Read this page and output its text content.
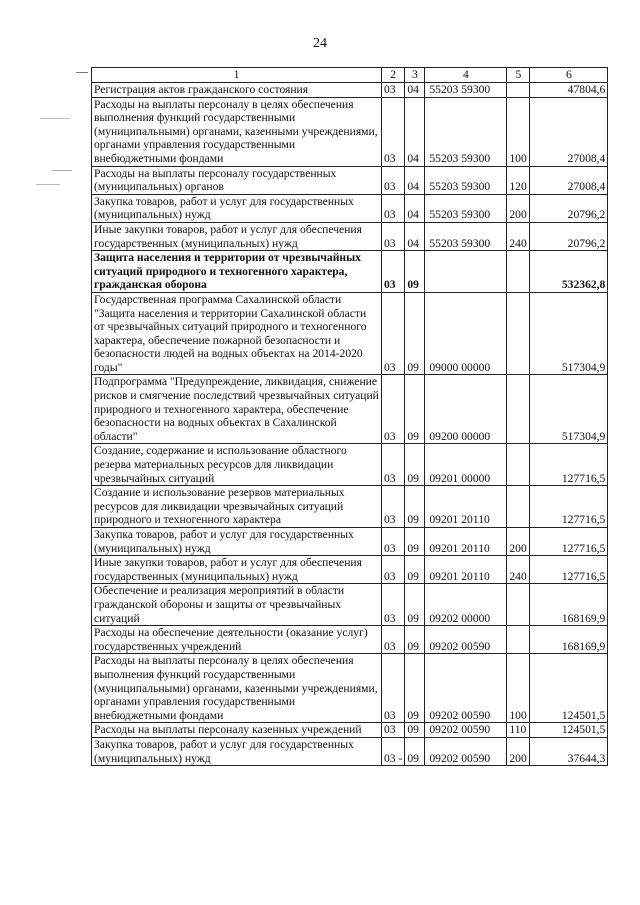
24
1	2	3	4	5	6
Регистрация актов гражданского состояния	03	04	55203 59300		47804,6
Расходы на выплаты персоналу в целях обеспечения выполнения функций государственными (муниципальными) органами, казенными учреждениями, органами управления государственными внебюджетными фондами	03	04	55203 59300	100	27008,4
Расходы на выплаты персоналу государственных (муниципальных) органов	03	04	55203 59300	120	27008,4
Закупка товаров, работ и услуг для государственных (муниципальных) нужд	03	04	55203 59300	200	20796,2
Иные закупки товаров, работ и услуг для обеспечения государственных (муниципальных) нужд	03	04	55203 59300	240	20796,2
Защита населения и территории от чрезвычайных ситуаций природного и техногенного характера, гражданская оборона	03	09			532362,8
Государственная программа Сахалинской области "Защита населения и территории Сахалинской области от чрезвычайных ситуаций природного и техногенного характера, обеспечение пожарной безопасности и безопасности людей на водных объектах на 2014-2020 годы"	03	09	09000 00000		517304,9
Подпрограмма "Предупреждение, ликвидация, снижение рисков и смягчение последствий чрезвычайных ситуаций природного и техногенного характера, обеспечение безопасности на водных объектах в Сахалинской области"	03	09	09200 00000		517304,9
Создание, содержание и использование областного резерва материальных ресурсов для ликвидации чрезвычайных ситуаций	03	09	09201 00000		127716,5
Создание и использование резервов материальных ресурсов для ликвидации чрезвычайных ситуаций природного и техногенного характера	03	09	09201 20110		127716,5
Закупка товаров, работ и услуг для государственных (муниципальных) нужд	03	09	09201 20110	200	127716,5
Иные закупки товаров, работ и услуг для обеспечения государственных (муниципальных) нужд	03	09	09201 20110	240	127716,5
Обеспечение и реализация мероприятий в области гражданской обороны и защиты от чрезвычайных ситуаций	03	09	09202 00000		168169,9
Расходы на обеспечение деятельности (оказание услуг) государственных учреждений	03	09	09202 00590		168169,9
Расходы на выплаты персоналу в целях обеспечения выполнения функций государственными (муниципальными) органами, казенными учреждениями, органами управления государственными внебюджетными фондами	03	09	09202 00590	100	124501,5
Расходы на выплаты персоналу казенных учреждений	03	09	09202 00590	110	124501,5
Закупка товаров, работ и услуг для государственных (муниципальных) нужд	03 -	09	09202 00590	200	37644,3
